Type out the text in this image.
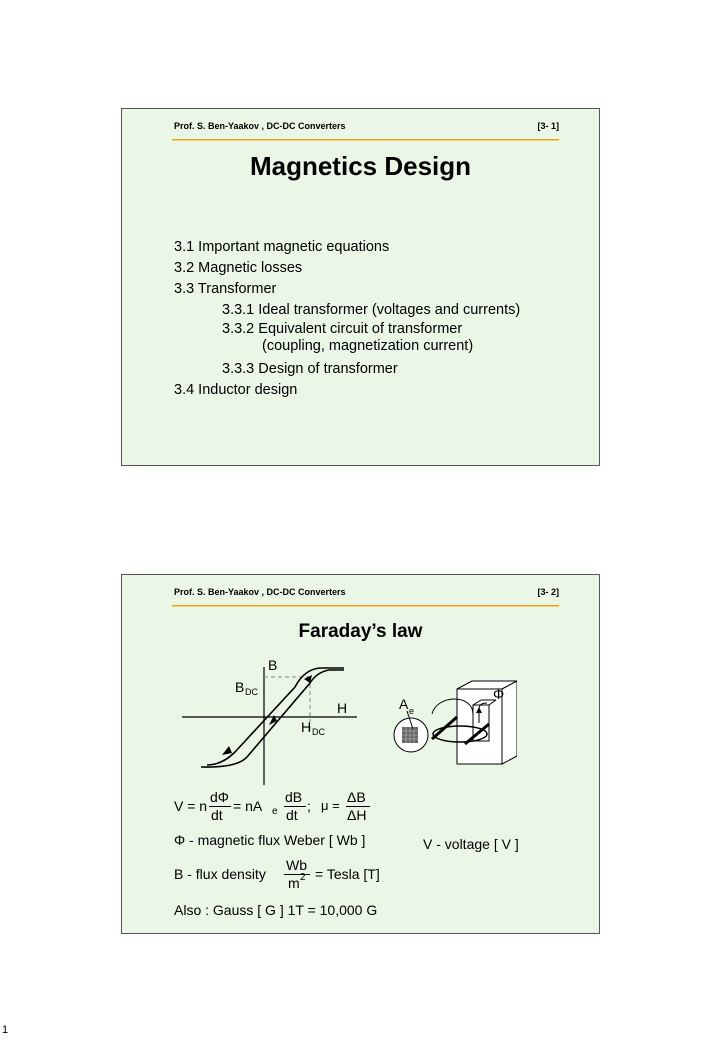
Prof. S. Ben-Yaakov , DC-DC Converters	[3- 1]
Magnetics Design
3.1 Important magnetic equations
3.2 Magnetic losses
3.3 Transformer
3.3.1 Ideal transformer (voltages and currents)
3.3.2 Equivalent circuit of transformer
(coupling, magnetization current)
3.3.3 Design of transformer
3.4 Inductor design
Prof. S. Ben-Yaakov , DC-DC Converters	[3- 2]
Faraday’s law
B
B DC
H
H DC
A e
Φ
V = n
dΦ
dt
= nA e
dB
dt
; μ =
ΔB
ΔH
Φ - magnetic flux Weber [ Wb ]	V - voltage [ V ]
B - flux density
Wb
m 2 = Tesla [T]
Also : Gauss [ G ] 1T = 10,000 G
1
